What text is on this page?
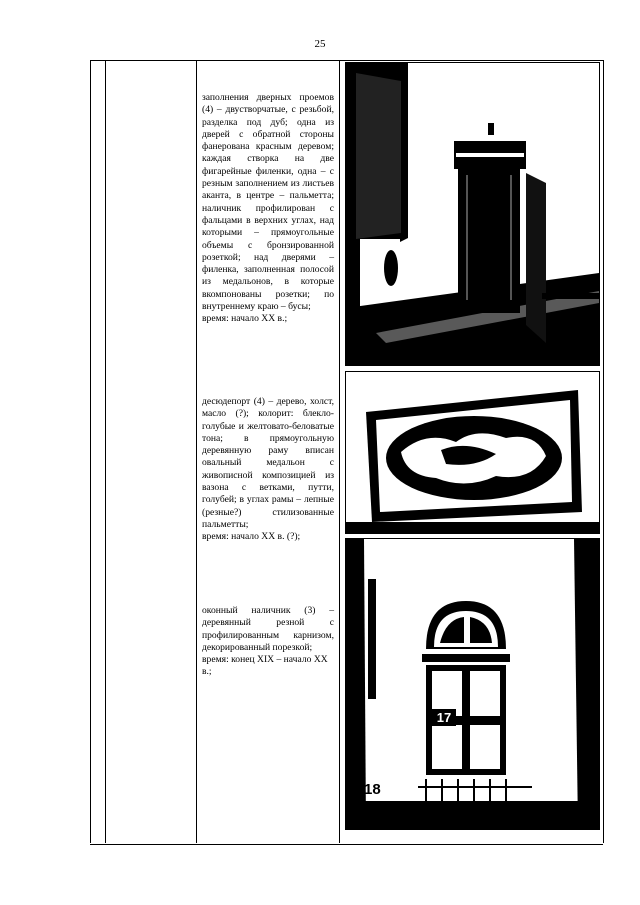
25

заполнения дверных проемов (4) – двустворчатые, с резьбой, разделка под дуб; одна из дверей с обратной стороны фанерована красным деревом; каждая створка на две фигарейные филенки, одна – с резным заполнением из листьев аканта, в центре – пальметта; наличник профилирован с фальцами в верхних углах, над которыми – прямоугольные объемы с бронзированной розеткой; над дверями – филенка, заполненная полосой из медальонов, в которые вкомпонованы розетки; по внутреннему краю – бусы;

время: начало ХХ в.;

десюдепорт (4) – дерево, холст, масло (?); колорит: блекло-голубые и желтовато-беловатые тона; в прямоугольную деревянную раму вписан овальный медальон с живописной композицией из вазона с ветками, путти, голубей; в углах рамы – лепные (резные?) стилизованные пальметты;

время: начало ХХ в. (?);

оконный наличник (3) – деревянный резной с профилированным карнизом, декорированный порезкой;

время: конец XIX – начало XX в.;

17
18
